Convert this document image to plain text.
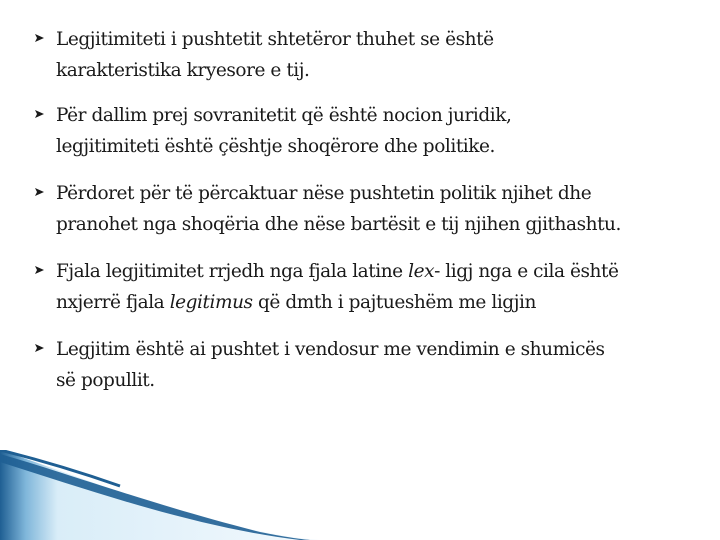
Legjitimiteti i pushtetit shtetëror thuhet se është
karakteristika kryesore e tij.
Për dallim prej sovranitetit që është nocion juridik,
legjitimiteti është çështje shoqërore dhe politike.
Përdoret për të përcaktuar nëse pushtetin politik njihet dhe
pranohet nga shoqëria dhe nëse bartësit e tij njihen gjithashtu.
Fjala legjitimitet rrjedh nga fjala latine lex- ligj nga e cila është
nxjerrë fjala legitimus që dmth i pajtueshëm me ligjin
Legjitim është ai pushtet i vendosur me vendimin e shumicës
së popullit.
